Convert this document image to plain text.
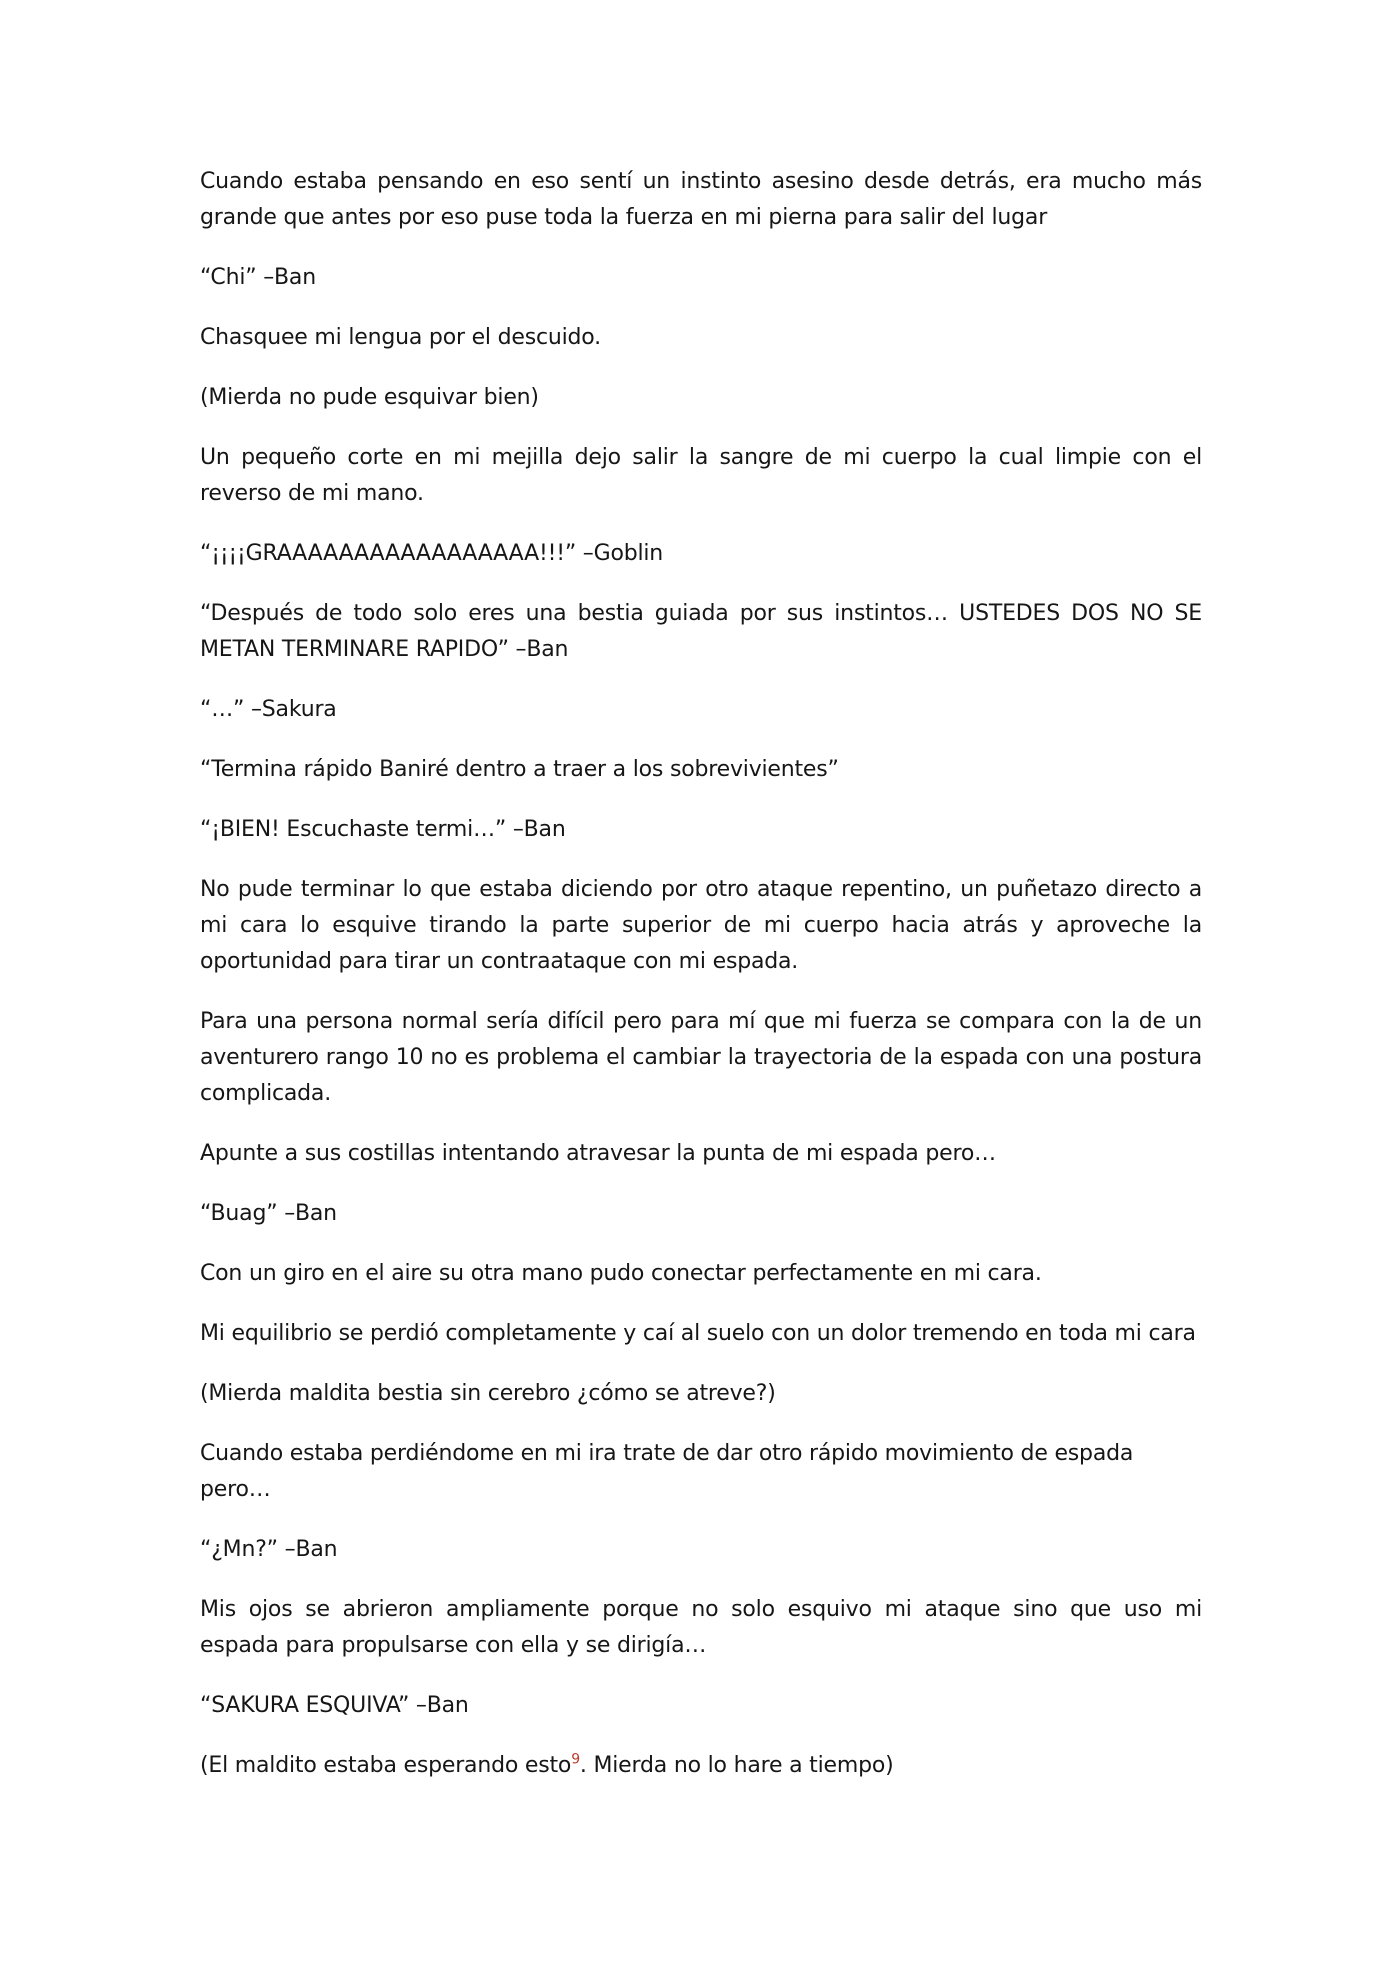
Cuando estaba pensando en eso sentí un instinto asesino desde detrás, era mucho más grande que antes por eso puse toda la fuerza en mi pierna para salir del lugar

“Chi” –Ban

Chasquee mi lengua por el descuido.

(Mierda no pude esquivar bien)

Un pequeño corte en mi mejilla dejo salir la sangre de mi cuerpo la cual limpie con el reverso de mi mano.

“¡¡¡¡GRAAAAAAAAAAAAAAAAA!!!” –Goblin

“Después de todo solo eres una bestia guiada por sus instintos… USTEDES DOS NO SE METAN TERMINARE RAPIDO” –Ban

“…” –Sakura

“Termina rápido Baniré dentro a traer a los sobrevivientes”

“¡BIEN! Escuchaste termi…” –Ban

No pude terminar lo que estaba diciendo por otro ataque repentino, un puñetazo directo a mi cara lo esquive tirando la parte superior de mi cuerpo hacia atrás y aproveche la oportunidad para tirar un contraataque con mi espada.

Para una persona normal sería difícil pero para mí que mi fuerza se compara con la de un aventurero rango 10 no es problema el cambiar la trayectoria de la espada con una postura complicada.

Apunte a sus costillas intentando atravesar la punta de mi espada pero…

“Buag” –Ban

Con un giro en el aire su otra mano pudo conectar perfectamente en mi cara.

Mi equilibrio se perdió completamente y caí al suelo con un dolor tremendo en toda mi cara

(Mierda maldita bestia sin cerebro ¿cómo se atreve?)

Cuando estaba perdiéndome en mi ira trate de dar otro rápido movimiento de espada pero…

“¿Mn?” –Ban

Mis ojos se abrieron ampliamente porque no solo esquivo mi ataque sino que uso mi espada para propulsarse con ella y se dirigía…

“SAKURA ESQUIVA” –Ban

(El maldito estaba esperando esto$^9$. Mierda no lo hare a tiempo)
